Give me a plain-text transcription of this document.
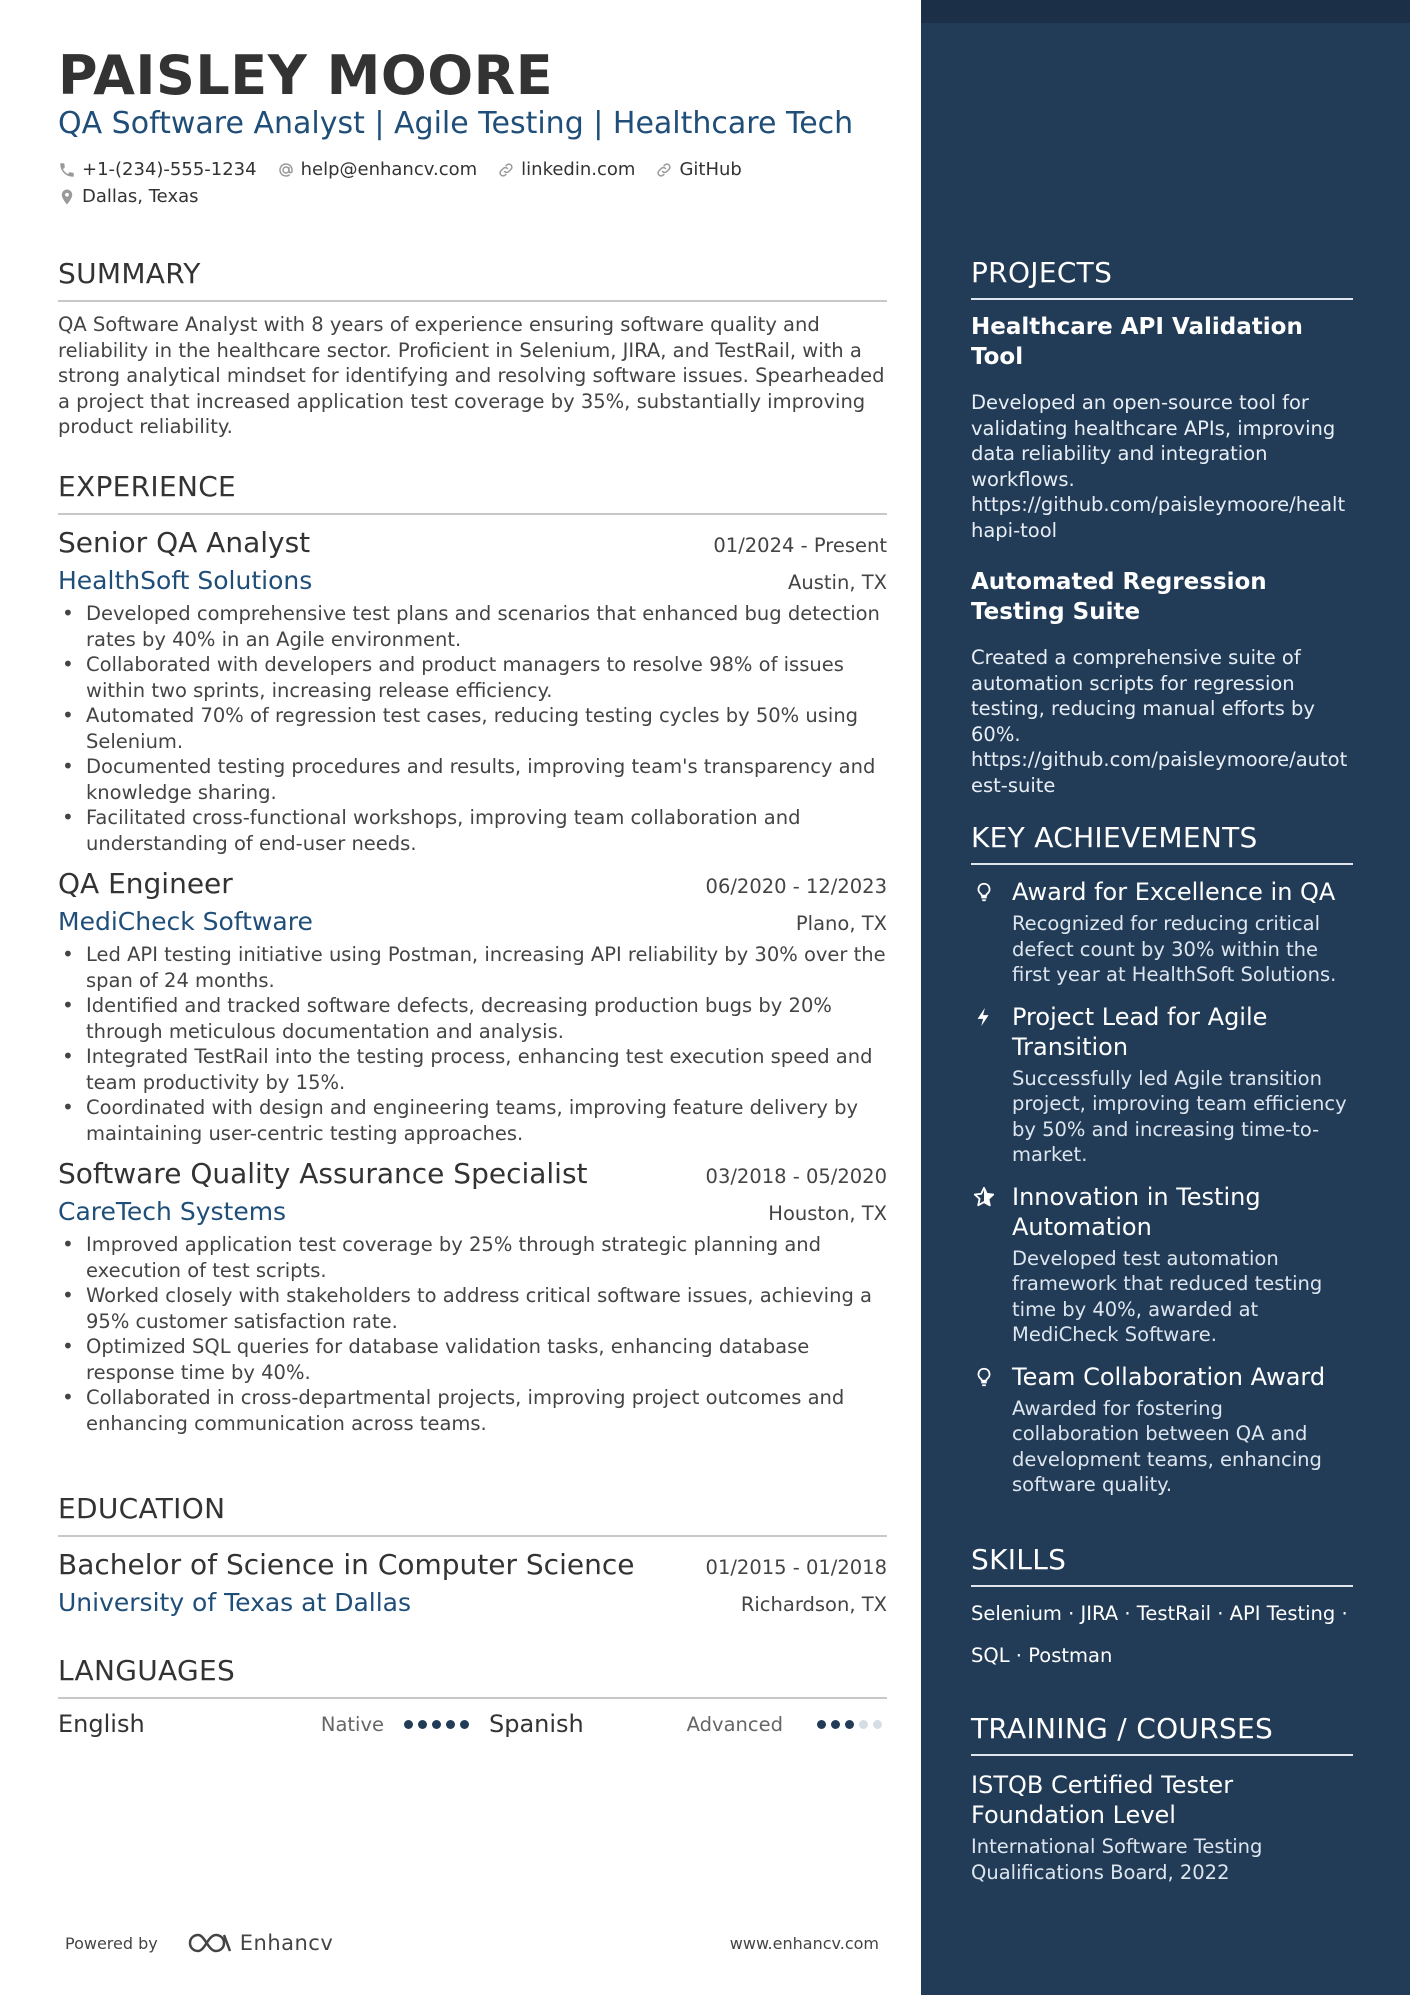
PAISLEY MOORE
QA Software Analyst | Agile Testing | Healthcare Tech
+1-(234)-555-1234 help@enhancv.com linkedin.com GitHub
Dallas, Texas
SUMMARY
QA Software Analyst with 8 years of experience ensuring software quality and reliability in the healthcare sector. Proficient in Selenium, JIRA, and TestRail, with a strong analytical mindset for identifying and resolving software issues. Spearheaded a project that increased application test coverage by 35%, substantially improving product reliability.
EXPERIENCE
Senior QA Analyst	01/2024 - Present
HealthSoft Solutions	Austin, TX
• Developed comprehensive test plans and scenarios that enhanced bug detection rates by 40% in an Agile environment.
• Collaborated with developers and product managers to resolve 98% of issues within two sprints, increasing release efficiency.
• Automated 70% of regression test cases, reducing testing cycles by 50% using Selenium.
• Documented testing procedures and results, improving team's transparency and knowledge sharing.
• Facilitated cross-functional workshops, improving team collaboration and understanding of end-user needs.
QA Engineer	06/2020 - 12/2023
MediCheck Software	Plano, TX
• Led API testing initiative using Postman, increasing API reliability by 30% over the span of 24 months.
• Identified and tracked software defects, decreasing production bugs by 20% through meticulous documentation and analysis.
• Integrated TestRail into the testing process, enhancing test execution speed and team productivity by 15%.
• Coordinated with design and engineering teams, improving feature delivery by maintaining user-centric testing approaches.
Software Quality Assurance Specialist	03/2018 - 05/2020
CareTech Systems	Houston, TX
• Improved application test coverage by 25% through strategic planning and execution of test scripts.
• Worked closely with stakeholders to address critical software issues, achieving a 95% customer satisfaction rate.
• Optimized SQL queries for database validation tasks, enhancing database response time by 40%.
• Collaborated in cross-departmental projects, improving project outcomes and enhancing communication across teams.
EDUCATION
Bachelor of Science in Computer Science	01/2015 - 01/2018
University of Texas at Dallas	Richardson, TX
LANGUAGES
English	Native	Spanish	Advanced
Powered by	Enhancv	www.enhancv.com
PROJECTS
Healthcare API Validation Tool
Developed an open-source tool for validating healthcare APIs, improving data reliability and integration workflows.
https://github.com/paisleymoore/healthapi-tool
Automated Regression Testing Suite
Created a comprehensive suite of automation scripts for regression testing, reducing manual efforts by 60%.
https://github.com/paisleymoore/autotest-suite
KEY ACHIEVEMENTS
Award for Excellence in QA
Recognized for reducing critical defect count by 30% within the first year at HealthSoft Solutions.
Project Lead for Agile Transition
Successfully led Agile transition project, improving team efficiency by 50% and increasing time-to-market.
Innovation in Testing Automation
Developed test automation framework that reduced testing time by 40%, awarded at MediCheck Software.
Team Collaboration Award
Awarded for fostering collaboration between QA and development teams, enhancing software quality.
SKILLS
Selenium · JIRA · TestRail · API Testing · SQL · Postman
TRAINING / COURSES
ISTQB Certified Tester Foundation Level
International Software Testing Qualifications Board, 2022
